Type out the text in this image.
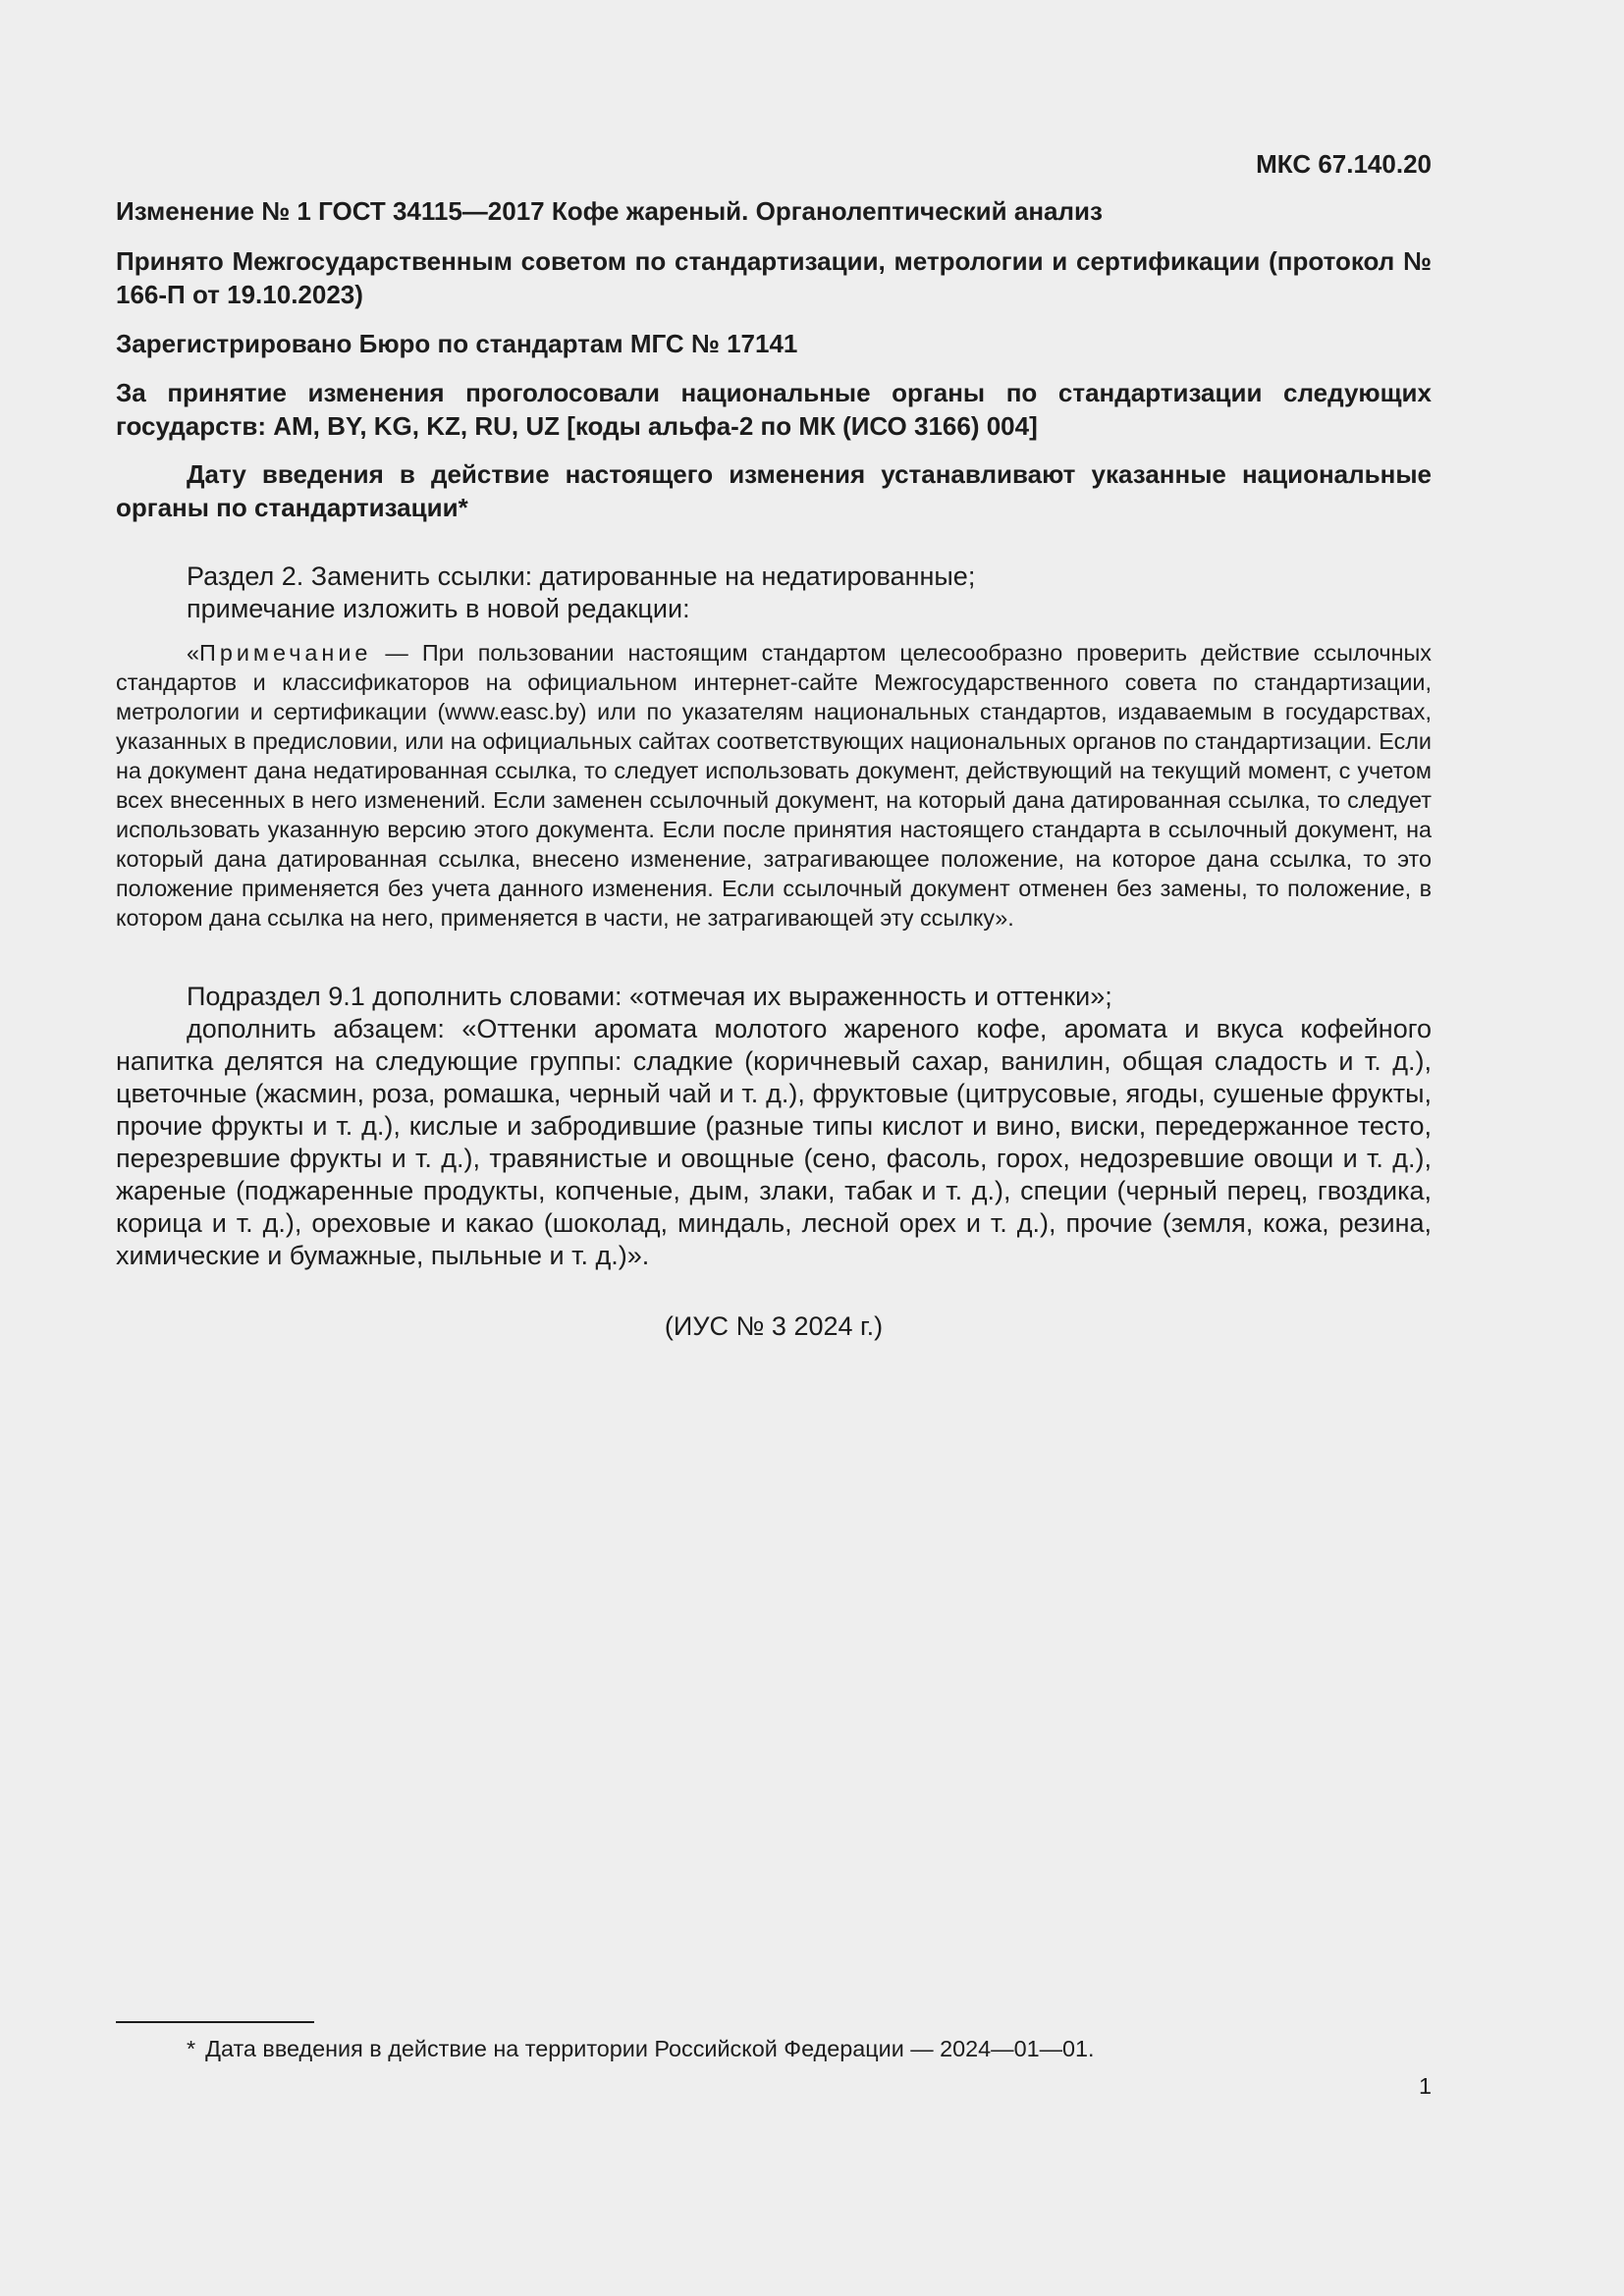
МКС 67.140.20
Изменение № 1 ГОСТ 34115—2017 Кофе жареный. Органолептический анализ
Принято Межгосударственным советом по стандартизации, метрологии и сертификации (протокол № 166-П от 19.10.2023)
Зарегистрировано Бюро по стандартам МГС № 17141
За принятие изменения проголосовали национальные органы по стандартизации следующих государств: AM, BY, KG, KZ, RU, UZ [коды альфа-2 по МК (ИСО 3166) 004]
Дату введения в действие настоящего изменения устанавливают указанные национальные органы по стандартизации*

Раздел 2. Заменить ссылки: датированные на недатированные;

примечание изложить в новой редакции:

«Примечание — При пользовании настоящим стандартом целесообразно проверить действие ссылочных стандартов и классификаторов на официальном интернет-сайте Межгосударственного совета по стандартизации, метрологии и сертификации (www.easc.by) или по указателям национальных стандартов, издаваемым в государствах, указанных в предисловии, или на официальных сайтах соответствующих национальных органов по стандартизации. Если на документ дана недатированная ссылка, то следует использовать документ, действующий на текущий момент, с учетом всех внесенных в него изменений. Если заменен ссылочный документ, на который дана датированная ссылка, то следует использовать указанную версию этого документа. Если после принятия настоящего стандарта в ссылочный документ, на который дана датированная ссылка, внесено изменение, затрагивающее положение, на которое дана ссылка, то это положение применяется без учета данного изменения. Если ссылочный документ отменен без замены, то положение, в котором дана ссылка на него, применяется в части, не затрагивающей эту ссылку».

Подраздел 9.1 дополнить словами: «отмечая их выраженность и оттенки»;

дополнить абзацем: «Оттенки аромата молотого жареного кофе, аромата и вкуса кофейного напитка делятся на следующие группы: сладкие (коричневый сахар, ванилин, общая сладость и т. д.), цветочные (жасмин, роза, ромашка, черный чай и т. д.), фруктовые (цитрусовые, ягоды, сушеные фрукты, прочие фрукты и т. д.), кислые и забродившие (разные типы кислот и вино, виски, передержанное тесто, перезревшие фрукты и т. д.), травянистые и овощные (сено, фасоль, горох, недозревшие овощи и т. д.), жареные (поджаренные продукты, копченые, дым, злаки, табак и т. д.), специи (черный перец, гвоздика, корица и т. д.), ореховые и какао (шоколад, миндаль, лесной орех и т. д.), прочие (земля, кожа, резина, химические и бумажные, пыльные и т. д.)».

(ИУС № 3 2024 г.)
* Дата введения в действие на территории Российской Федерации — 2024—01—01.
1
